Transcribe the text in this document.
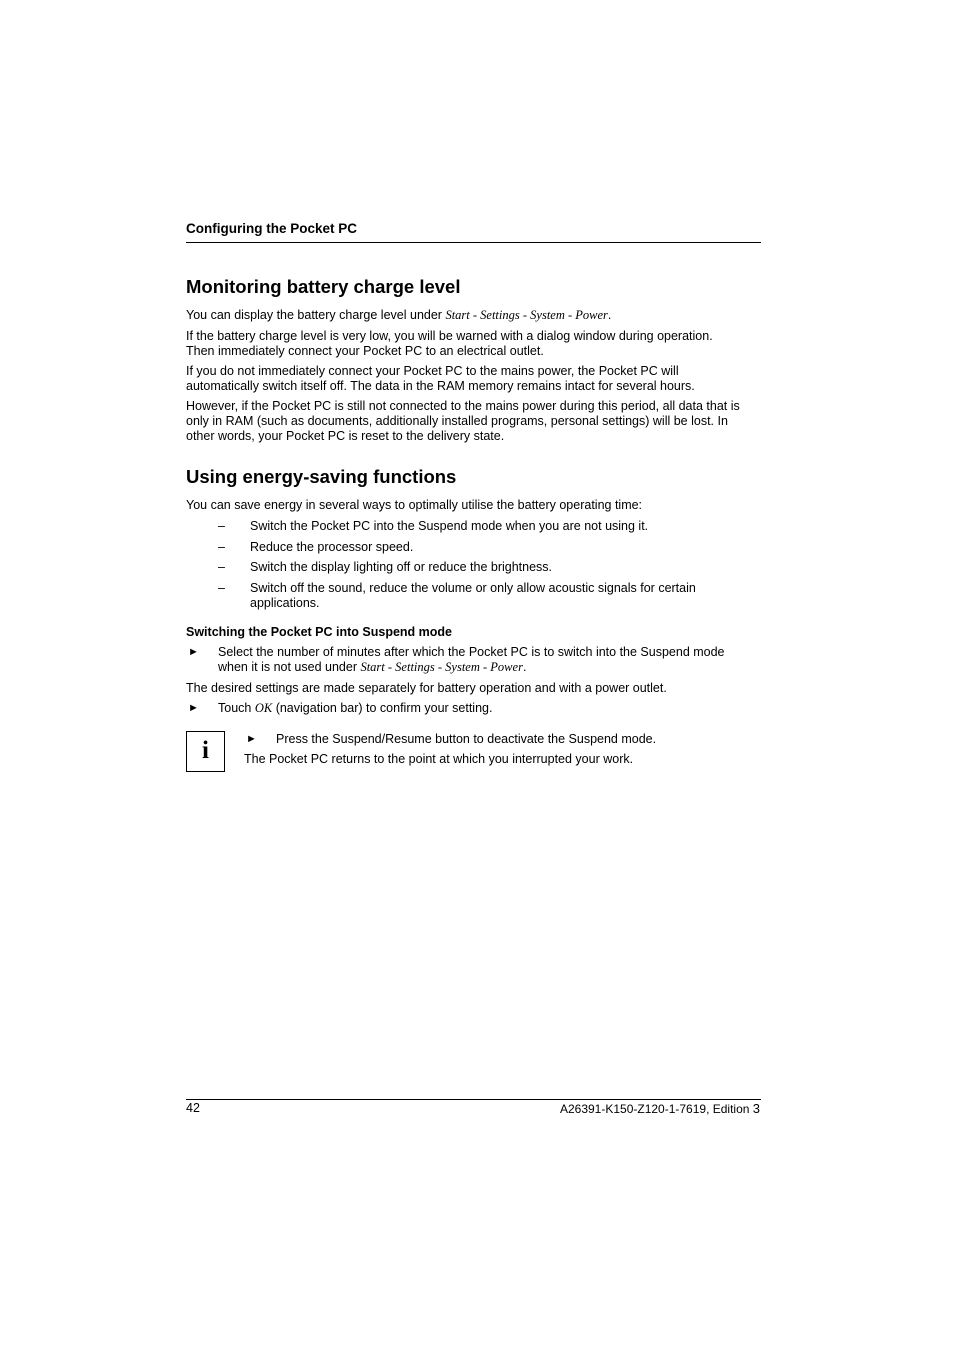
Configuring the Pocket PC
Monitoring battery charge level
You can display the battery charge level under Start - Settings - System - Power.
If the battery charge level is very low, you will be warned with a dialog window during operation.
Then immediately connect your Pocket PC to an electrical outlet.
If you do not immediately connect your Pocket PC to the mains power, the Pocket PC will
automatically switch itself off. The data in the RAM memory remains intact for several hours.
However, if the Pocket PC is still not connected to the mains power during this period, all data that is
only in RAM (such as documents, additionally installed programs, personal settings) will be lost. In
other words, your Pocket PC is reset to the delivery state.
Using energy-saving functions
You can save energy in several ways to optimally utilise the battery operating time:
– Switch the Pocket PC into the Suspend mode when you are not using it.
– Reduce the processor speed.
– Switch the display lighting off or reduce the brightness.
– Switch off the sound, reduce the volume or only allow acoustic signals for certain
applications.
Switching the Pocket PC into Suspend mode
► Select the number of minutes after which the Pocket PC is to switch into the Suspend mode
when it is not used under Start - Settings - System - Power.
The desired settings are made separately for battery operation and with a power outlet.
► Touch OK (navigation bar) to confirm your setting.
i	► Press the Suspend/Resume button to deactivate the Suspend mode.
The Pocket PC returns to the point at which you interrupted your work.
42	A26391-K150-Z120-1-7619, Edition 3
